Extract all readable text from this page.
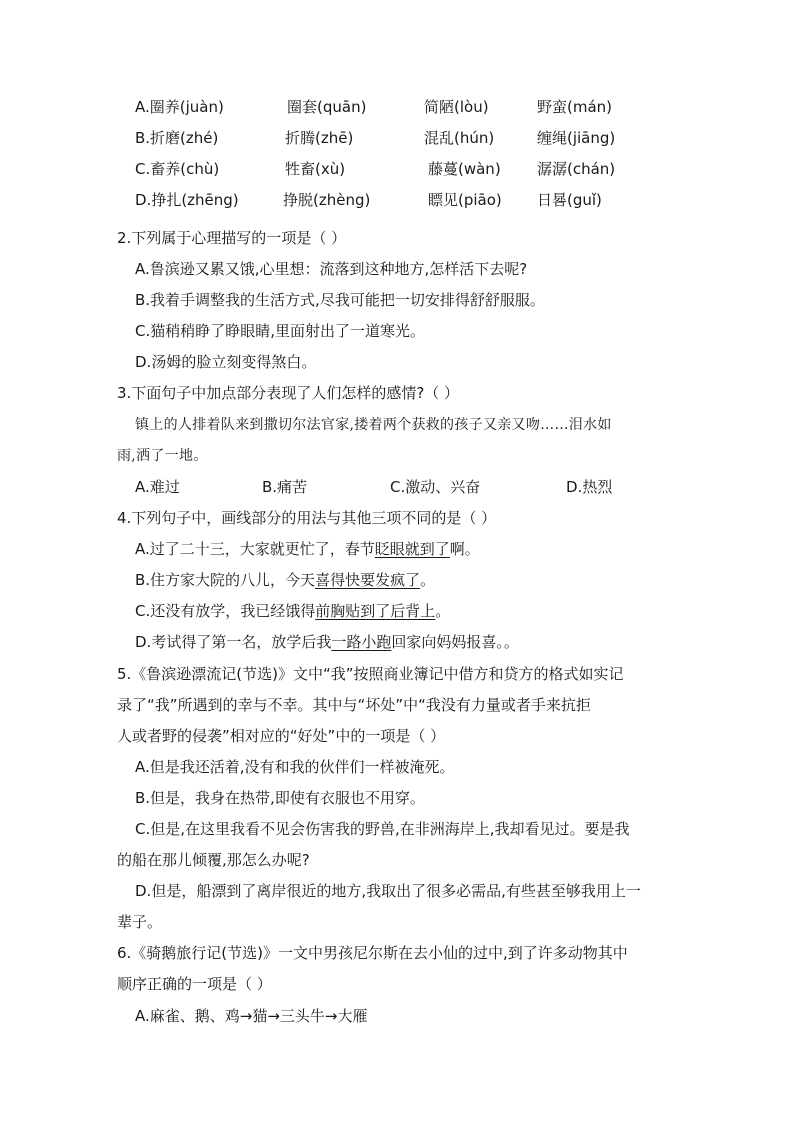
A.圈养(juàn)	圈套(quān)	简陋(lòu)	野蛮(mán)
B.折磨(zhé)	折腾(zhē)	混乱(hún)	缠绳(jiāng)
C.畜养(chù)	牲畜(xù)	藤蔓(wàn) 潺潺(chán)
D.挣扎(zhēng)	挣脱(zhèng)	瞟见(piāo) 日晷(guǐ)
2.下列属于心理描写的一项是（ ）
A.鲁滨逊又累又饿,心里想：流落到这种地方,怎样活下去呢?
B.我着手调整我的生活方式,尽我可能把一切安排得舒舒服服。
C.猫稍稍睁了睁眼睛,里面射出了一道寒光。
D.汤姆的脸立刻变得煞白。
3.下面句子中加点部分表现了人们怎样的感情?（ ）
镇上的人排着队来到撒切尔法官家,搂着两个获救的孩子又亲又吻……泪水如
雨,洒了一地。
A.难过	B.痛苦	C.激动、兴奋	D.热烈
4.下列句子中，画线部分的用法与其他三项不同的是（ ）
A.过了二十三，大家就更忙了，春节眨眼就到了啊。
B.住方家大院的八儿，今天喜得快要发疯了。
C.还没有放学，我已经饿得前胸贴到了后背上。
D.考试得了第一名，放学后我一路小跑回家向妈妈报喜。。
5.《鲁滨逊漂流记(节选)》文中“我”按照商业簿记中借方和贷方的格式如实记
录了“我”所遇到的幸与不幸。其中与“坏处”中“我没有力量或者手来抗拒
人或者野的侵袭”相对应的“好处”中的一项是（ ）
A.但是我还活着,没有和我的伙伴们一样被淹死。
B.但是，我身在热带,即使有衣服也不用穿。
C.但是,在这里我看不见会伤害我的野兽,在非洲海岸上,我却看见过。要是我
的船在那儿倾覆,那怎么办呢?
D.但是，船漂到了离岸很近的地方,我取出了很多必需品,有些甚至够我用上一
辈子。
6.《骑鹅旅行记(节选)》一文中男孩尼尔斯在去小仙的过中,到了许多动物其中
顺序正确的一项是（ ）
A.麻雀、鹅、鸡→猫→三头牛→大雁
